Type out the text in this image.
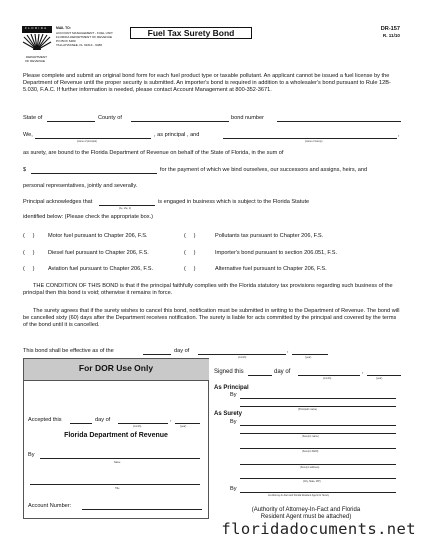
FLORIDA
DEPARTMENT
OF REVENUE
MAIL TO:
ACCOUNT MANAGEMENT - FUEL UNIT
FLORIDA DEPARTMENT OF REVENUE
PO BOX 6480
TALLAHASSEE, FL 32314 - 6480
Fuel Tax Surety Bond	DR-157
R. 11/10
Please complete and submit an original bond form for each fuel product type or taxable pollutant. An applicant cannot be issued a fuel license by the Department of Revenue until the proper security is submitted. An importer's bond is required in addition to a wholesaler's bond pursuant to Rule 12B-5.030, F.A.C. If further information is needed, please contact Account Management at 800-352-3671.
State of	County of	bond number
We,	, as principal , and	,
(name of principal)	(name of surety)
as surety, are bound to the Florida Department of Revenue on behalf of the State of Florida, in the sum of
$	for the payment of which we bind ourselves, our successors and assigns, heirs, and
personal representatives, jointly and severally.
Principal acknowledges that	is engaged in business which is subject to the Florida Statute
(he, she, it)
identified below: (Please check the appropriate box.)
(     ) Motor fuel pursuant to Chapter 206, F.S.	(     )	Pollutants tax pursuant to Chapter 206, F.S.
(     ) Diesel fuel pursuant to Chapter 206, F.S.	(     )	Importer's bond pursuant to section 206.051, F.S.
(     ) Aviation fuel pursuant to Chapter 206, F.S.	(     )	Alternative fuel pursuant to Chapter 206, F.S.
THE CONDITION OF THIS BOND is that if the principal faithfully complies with the Florida statutory tax provisions regarding such business of the principal then this bond is void; otherwise it remains in force.
The surety agrees that if the surety wishes to cancel this bond, notification must be submitted in writing to the Department of Revenue. The bond will be cancelled sixty (60) days after the Department receives notification. The surety is liable for acts committed by the principal and covered by the terms of the bond until it is cancelled.
This bond shall be effective as of the	day of	,
(month)	(year)
Signed this	day of	,
(month)	(year)
For DOR Use Only
Accepted this	day of	,
(month)	(year)
Florida Department of Revenue
By
Name
Title
Account Number:
As Principal
By
(Principal's name)
As Surety
By
(Surety's name)
(Surety's FEIN)
(Surety's address)
(City, State, ZIP)
By
As Attorney-In-Fact and Florida Resident Agent for Surety
(Authority of Attorney-In-Fact and Florida
Resident Agent must be attached)
floridadocuments.net
